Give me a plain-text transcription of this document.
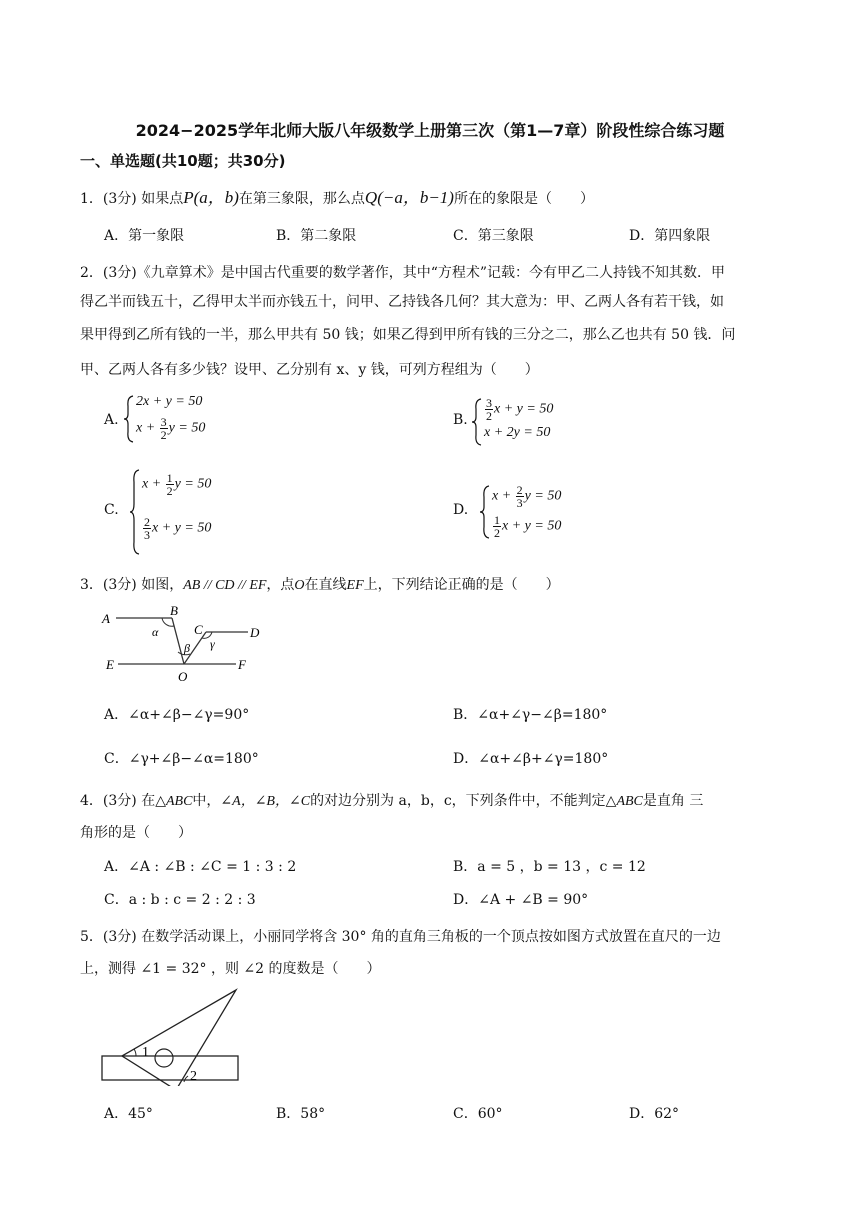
2024−2025学年北师大版八年级数学上册第三次（第1—7章）阶段性综合练习题
一、单选题(共10题；共30分)
1．(3分) 如果点P(a，b)在第三象限，那么点Q(−a，b−1)所在的象限是（　　）
A．第一象限	B．第二象限	C．第三象限	D．第四象限
2．(3分)《九章算术》是中国古代重要的数学著作，其中“方程术”记载：今有甲乙二人持钱不知其数．甲
得乙半而钱五十，乙得甲太半而亦钱五十，问甲、乙持钱各几何？其大意为：甲、乙两人各有若干钱，如
果甲得到乙所有钱的一半，那么甲共有 50 钱；如果乙得到甲所有钱的三分之二，那么乙也共有 50 钱．问
甲、乙两人各有多少钱？设甲、乙分别有 x、y 钱，可列方程组为（　　）
A.
2x + y = 50
$x + \frac{3}{2}$ y = 50
B. $\frac{3}{2}$ x + y = 50
x + 2y = 50
C.
$x + \frac{1}{2}$ y = 50
$\frac{2}{3}$ x + y = 50
D.
$x + \frac{2}{3}$ y = 50
$\frac{1}{2}$ x + y = 50
3．(3分) 如图，AB // CD // EF，点O在直线EF上，下列结论正确的是（　　）
A
B
α	C	D
β γ
E
O
F
A．∠α+∠β−∠γ=90°	B．∠α+∠γ−∠β=180°
C．∠γ+∠β−∠α=180°	D．∠α+∠β+∠γ=180°
4．(3分) 在△ABC中，∠A，∠B，∠C的对边分别为 a，b，c，下列条件中，不能判定△ABC是直角 三
角形的是（　　）
A．∠A : ∠B : ∠C = 1 : 3 : 2	B．a = 5 ，b = 13 ，c = 12
C．a : b : c = 2 : 2 : 3	D．∠A + ∠B = 90°
5．(3分) 在数学活动课上，小丽同学将含 30° 角的直角三角板的一个顶点按如图方式放置在直尺的一边
上，测得 ∠1 = 32° ，则 ∠2 的度数是（　　）
1
2
A．45°	B．58°	C．60°	D．62°
